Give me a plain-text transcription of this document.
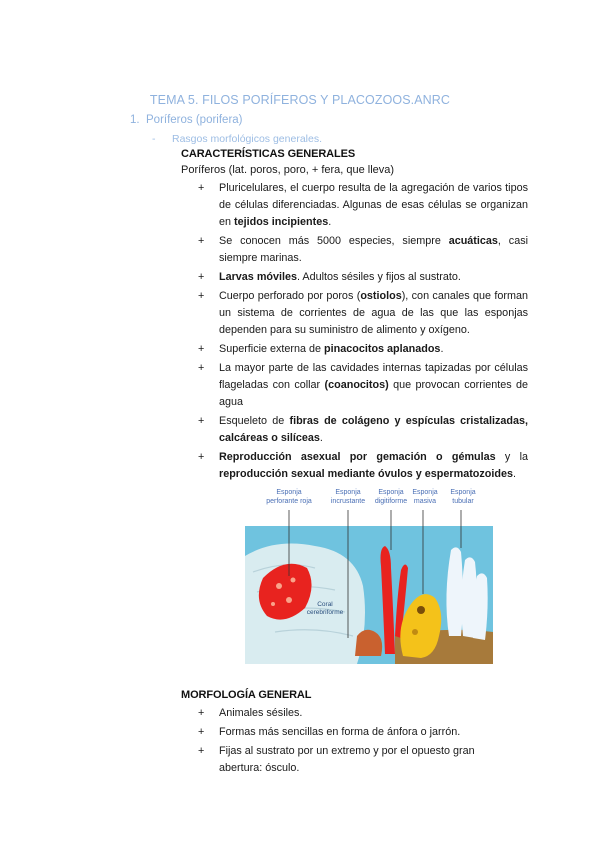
TEMA 5. FILOS PORÍFEROS Y PLACOZOOS.ANRC
1. Poríferos (porifera)
- Rasgos morfológicos generales.
CARACTERÍSTICAS GENERALES
Poríferos (lat. poros, poro, + fera, que lleva)
+ Pluricelulares, el cuerpo resulta de la agregación de varios tipos de células diferenciadas. Algunas de esas células se organizan en tejidos incipientes.
+ Se conocen más 5000 especies, siempre acuáticas, casi siempre marinas.
+ Larvas móviles. Adultos sésiles y fijos al sustrato.
+ Cuerpo perforado por poros (ostiolos), con canales que forman un sistema de corrientes de agua de las que las esponjas dependen para su suministro de alimento y oxígeno.
+ Superficie externa de pinacocitos aplanados.
+ La mayor parte de las cavidades internas tapizadas por células flageladas con collar (coanocitos) que provocan corrientes de agua
+ Esqueleto de fibras de colágeno y espículas cristalizadas, calcáreas o silíceas.
+ Reproducción asexual por gemación o gémulas y la reproducción sexual mediante óvulos y espermatozoides.
Esponja
perforante roja
Esponja
incrustante
Esponja
digitiforme
Esponja
masiva
Esponja
tubular
Coral
cerebriforme
MORFOLOGÍA GENERAL
+ Animales sésiles.
+ Formas más sencillas en forma de ánfora o jarrón.
+ Fijas al sustrato por un extremo y por el opuesto gran abertura: ósculo.
